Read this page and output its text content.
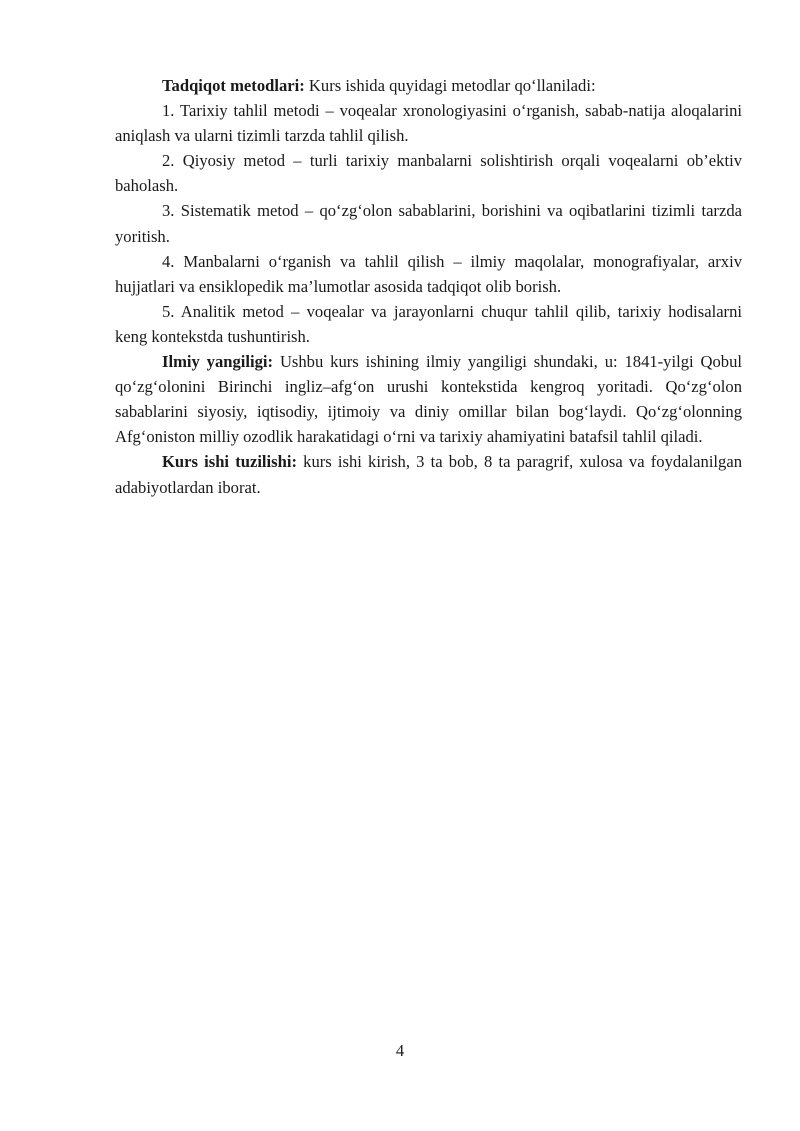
Tadqiqot metodlari: Kurs ishida quyidagi metodlar qo‘llaniladi:

1. Tarixiy tahlil metodi – voqealar xronologiyasini o‘rganish, sabab-natija aloqalarini aniqlash va ularni tizimli tarzda tahlil qilish.

2. Qiyosiy metod – turli tarixiy manbalarni solishtirish orqali voqealarni ob’ektiv baholash.

3. Sistematik metod – qo‘zg‘olon sabablarini, borishini va oqibatlarini tizimli tarzda yoritish.

4. Manbalarni o‘rganish va tahlil qilish – ilmiy maqolalar, monografiyalar, arxiv hujjatlari va ensiklopedik ma’lumotlar asosida tadqiqot olib borish.

5. Analitik metod – voqealar va jarayonlarni chuqur tahlil qilib, tarixiy hodisalarni keng kontekstda tushuntirish.

Ilmiy yangiligi: Ushbu kurs ishining ilmiy yangiligi shundaki, u: 1841-yilgi Qobul qo‘zg‘olonini Birinchi ingliz–afg‘on urushi kontekstida kengroq yoritadi. Qo‘zg‘olon sabablarini siyosiy, iqtisodiy, ijtimoiy va diniy omillar bilan bog‘laydi. Qo‘zg‘olonning Afg‘oniston milliy ozodlik harakatidagi o‘rni va tarixiy ahamiyatini batafsil tahlil qiladi.

Kurs ishi tuzilishi: kurs ishi kirish, 3 ta bob, 8 ta paragrif, xulosa va foydalanilgan adabiyotlardan iborat.

4
